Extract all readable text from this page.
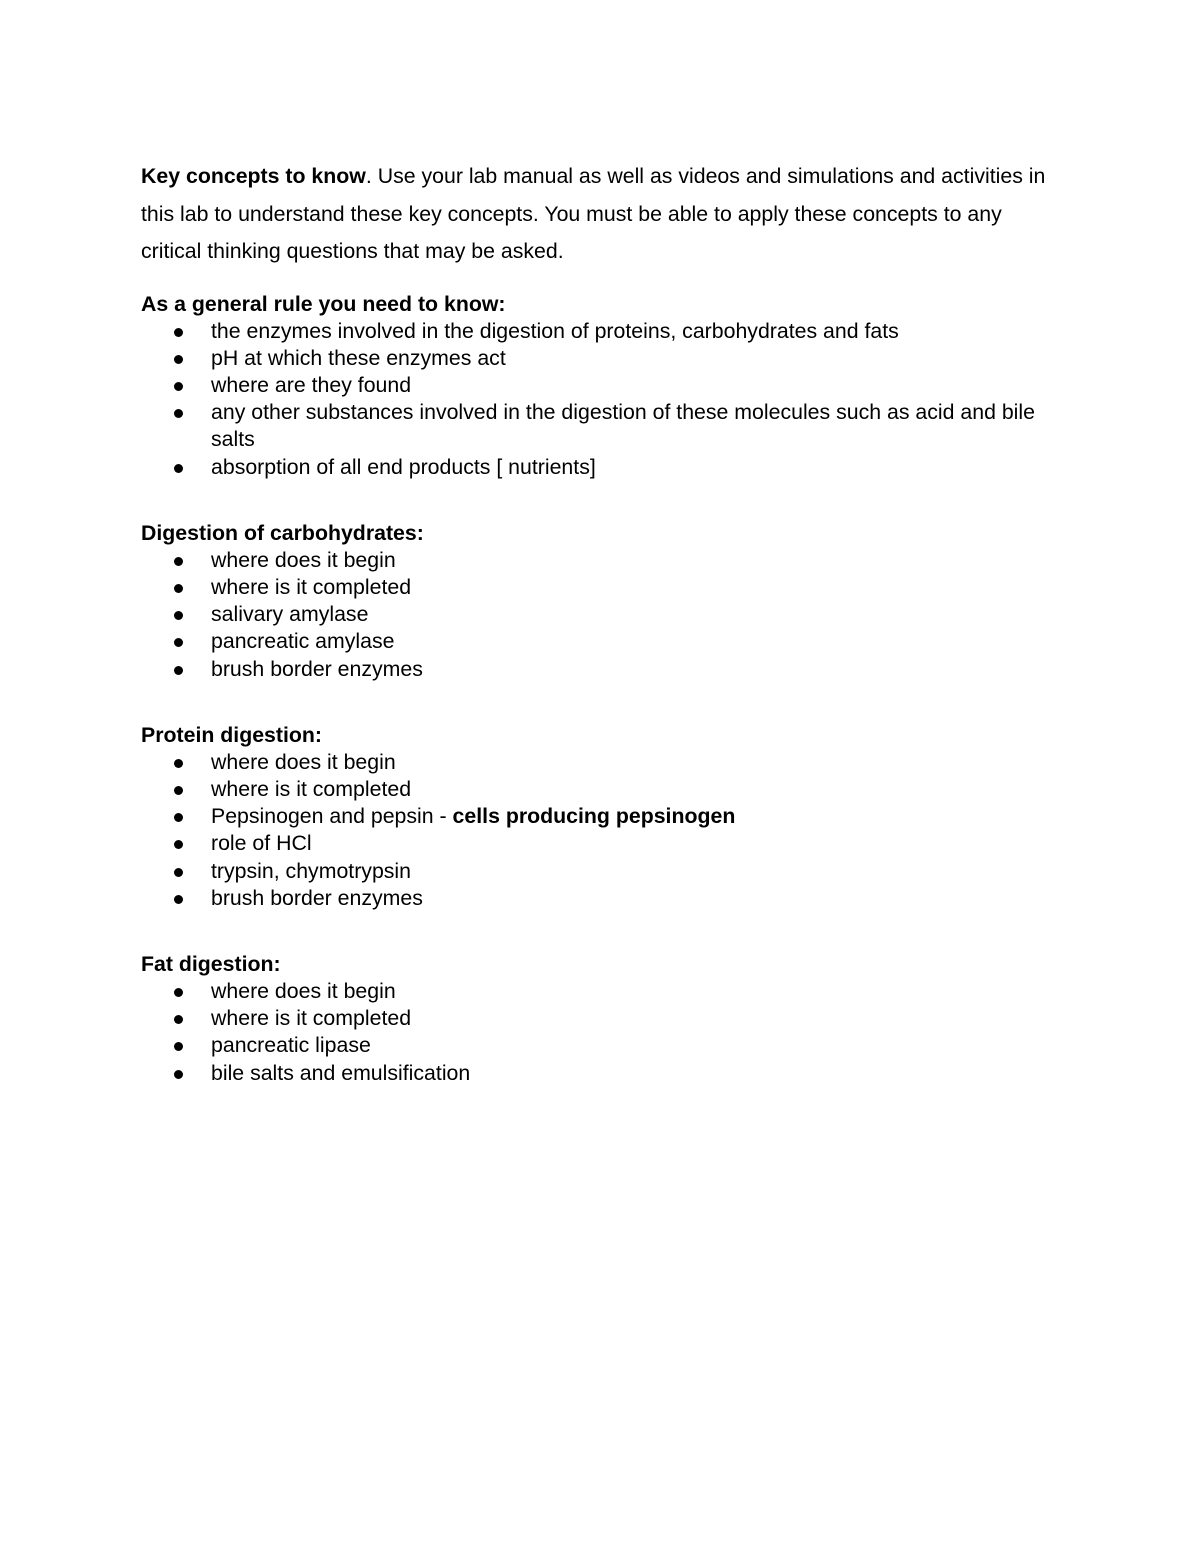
Key concepts to know. Use your lab manual as well as videos and simulations and activities in this lab to understand these key concepts. You must be able to apply these concepts to any critical thinking questions that may be asked.

As a general rule you need to know:

the enzymes involved in the digestion of proteins, carbohydrates and fats
pH at which these enzymes act
where are they found
any other substances involved in the digestion of these molecules such as acid and bile salts
absorption of all end products [ nutrients]

Digestion of carbohydrates:

where does it begin
where is it completed
salivary amylase
pancreatic amylase
brush border enzymes

Protein digestion:

where does it begin
where is it completed
Pepsinogen and pepsin - cells producing pepsinogen
role of HCl
trypsin, chymotrypsin
brush border enzymes

Fat digestion:

where does it begin
where is it completed
pancreatic lipase
bile salts and emulsification
